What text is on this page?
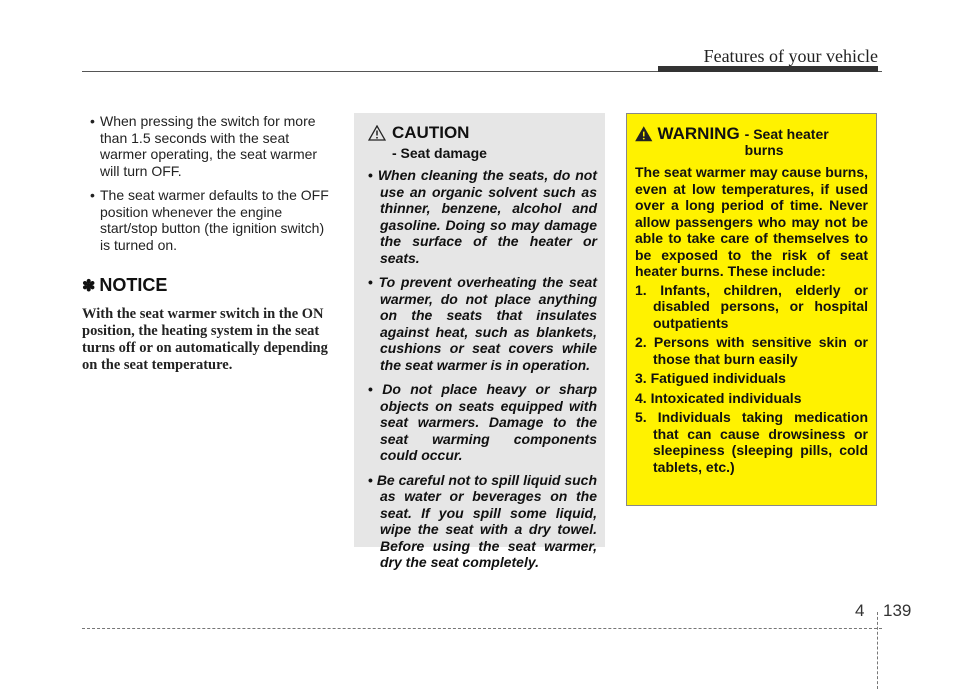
Features of your vehicle
• When pressing the switch for more than 1.5 seconds with the seat warmer operating, the seat warmer will turn OFF.
• The seat warmer defaults to the OFF position whenever the engine start/stop button (the ignition switch) is turned on.
✽ NOTICE
With the seat warmer switch in the ON position, the heating system in the seat turns off or on automatically depending on the seat temperature.
CAUTION
- Seat damage
• When cleaning the seats, do not use an organic solvent such as thinner, benzene, alcohol and gasoline. Doing so may damage the surface of the heater or seats.
• To prevent overheating the seat warmer, do not place anything on the seats that insulates against heat, such as blankets, cushions or seat covers while the seat warmer is in operation.
• Do not place heavy or sharp objects on seats equipped with seat warmers. Damage to the seat warming components could occur.
• Be careful not to spill liquid such as water or beverages on the seat. If you spill some liquid, wipe the seat with a dry towel. Before using the seat warmer, dry the seat completely.
WARNING - Seat heater burns
The seat warmer may cause burns, even at low temperatures, if used over a long period of time. Never allow passengers who may not be able to take care of themselves to be exposed to the risk of seat heater burns. These include:
1. Infants, children, elderly or disabled persons, or hospital outpatients
2. Persons with sensitive skin or those that burn easily
3. Fatigued individuals
4. Intoxicated individuals
5. Individuals taking medication that can cause drowsiness or sleepiness (sleeping pills, cold tablets, etc.)
4 139
